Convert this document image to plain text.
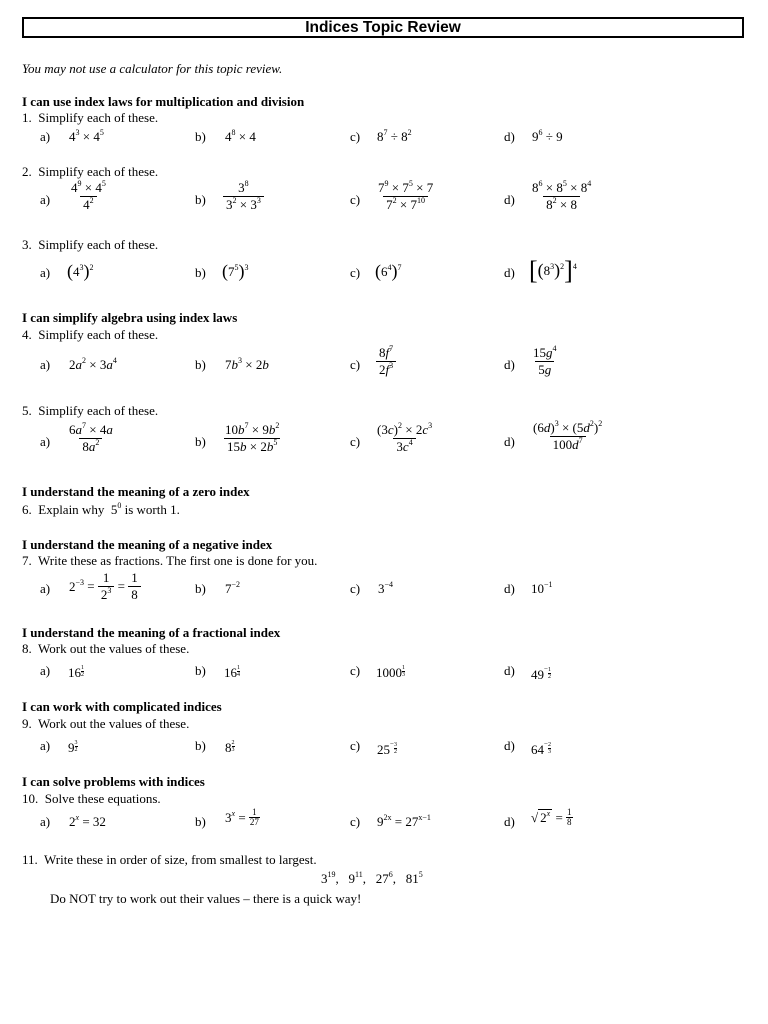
Indices Topic Review
You may not use a calculator for this topic review.
I can use index laws for multiplication and division
1. Simplify each of these.
a) $4^3 \times 4^5$	b) $4^8 \times 4$	c) $8^7 \div 8^2$	d) $9^6 \div 9$
2. Simplify each of these.
$a) \frac{4^9 \times 4^5}{4^2}$	$b) \frac{3^8}{3^2 \times 3^3}$	$c) \frac{7^9 \times 7^5 \times 7}{7^2 \times 7^{10}}$	$d) \frac{8^6 \times 8^5 \times 8^4}{8^2 \times 8}$
3. Simplify each of these.
a) $(4^3)^2$	b) $(7^5)^3$	c) $(6^4)^7$	d) $[(8^3)^2]^4$
I can simplify algebra using index laws
4. Simplify each of these.
a) $2a^2 \times 3a^4$	b) $7b^3 \times 2b$	$c) \frac{8f^7}{2f^3}$	$d) \frac{15g^4}{5g}$
5. Simplify each of these.
$a) \frac{6a^7 \times 4a}{8a^2}$	$b) \frac{10b^7 \times 9b^2}{15b \times 2b^5}$	$c) \frac{(3c)^2 \times 2c^3}{3c^4}$	$d) \frac{(6d)^3 \times (5d^2)^2}{100d^7}$
I understand the meaning of a zero index
6. Explain why $5^0$ is worth 1.
I understand the meaning of a negative index
7. Write these as fractions. The first one is done for you.
a) $2^{-3} = \frac{1}{2^3} = \frac{1}{8}$	b) $7^{-2}$	c) $3^{-4}$	d) $10^{-1}$
I understand the meaning of a fractional index
8. Work out the values of these.
a) $16 \frac{1}{2}$	b) $16 \frac{1}{4}$	c) $1000 \frac{1}{3}$	d) $49^- \frac{1}{2}$
I can work with complicated indices
9. Work out the values of these.
a) $9 \frac{3}{2}$	b) $8 \frac{2}{3}$	c) $25^- \frac{3}{2}$	d) $64^- \frac{2}{3}$
I can solve problems with indices
10. Solve these equations.
a) $2^x = 32$	b) $3^x = \frac{1}{27}$	c) $9^{2x} = 27^{x-1}$	d) √ $2^x = \frac{1}{8}$
11. Write these in order of size, from smallest to largest.
$3^{19}$, $9^{11}$, $27^6$, $81^5$
Do NOT try to work out their values – there is a quick way!
